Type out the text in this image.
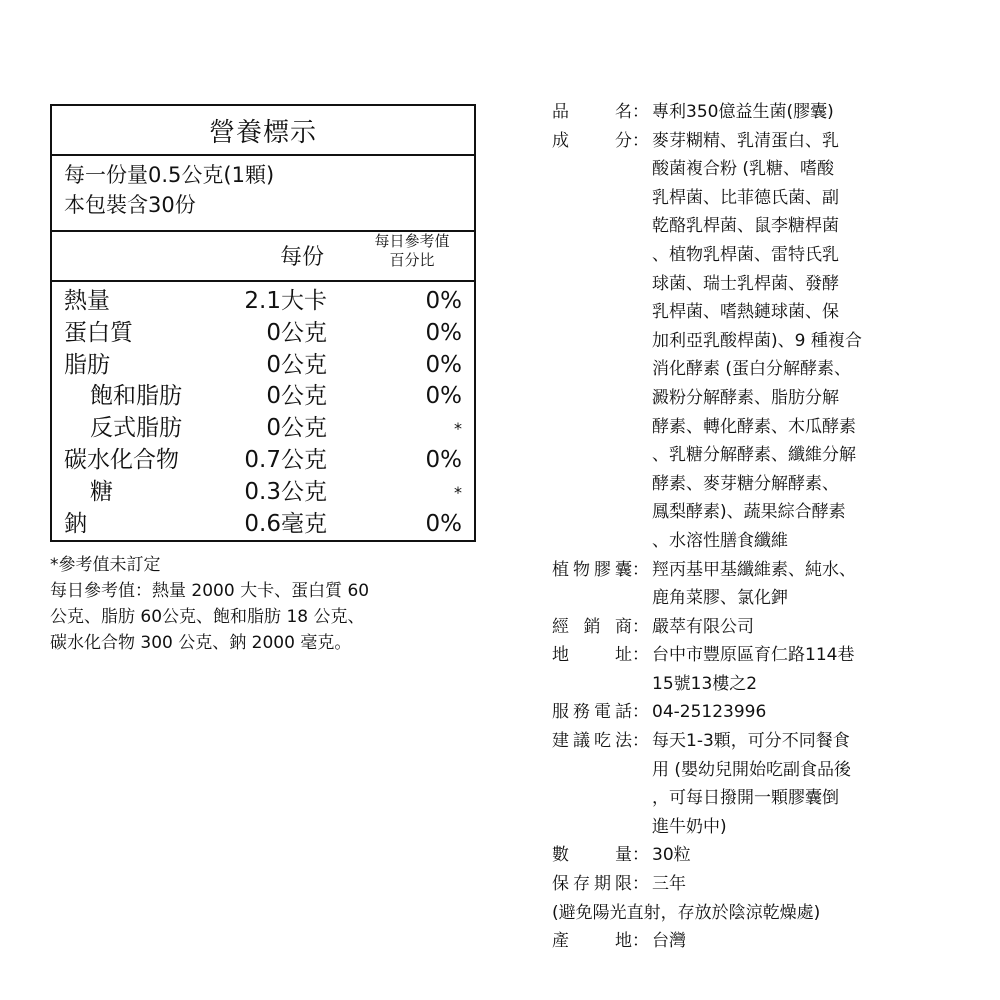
營養標示
每一份量0.5公克(1顆)
本包裝含30份
每份
每日參考值
百分比
熱量	2.1大卡	0%
蛋白質	0公克	0%
脂肪	0公克	0%
飽和脂肪	0公克	0%
反式脂肪	0公克	*
碳水化合物	0.7公克	0%
糖	0.3公克	*
鈉	0.6毫克	0%
*參考值未訂定
每日參考值：熱量 2000 大卡、蛋白質 60
公克、脂肪 60公克、飽和脂肪 18 公克、
碳水化合物 300 公克、鈉 2000 毫克。
品	名 ： 專利350億益生菌(膠囊)
成	分 ： 麥芽糊精、乳清蛋白、乳
酸菌複合粉 (乳糖、嗜酸
乳桿菌、比菲德氏菌、副
乾酪乳桿菌、鼠李糖桿菌
、植物乳桿菌、雷特氏乳
球菌、瑞士乳桿菌、發酵
乳桿菌、嗜熱鏈球菌、保
加利亞乳酸桿菌)、9 種複合
消化酵素 (蛋白分解酵素、
澱粉分解酵素、脂肪分解
酵素、轉化酵素、木瓜酵素
、乳糖分解酵素、纖維分解
酵素、麥芽糖分解酵素、
鳳梨酵素)、蔬果綜合酵素
、水溶性膳食纖維
植 物 膠 囊 ： 羥丙基甲基纖維素、純水、
鹿角菜膠、氯化鉀
經 銷 商 ： 嚴萃有限公司
地	址 ： 台中市豐原區育仁路114巷
15號13樓之2
服 務 電 話 ： 04-25123996
建 議 吃 法 ： 每天1-3顆，可分不同餐食
用 (嬰幼兒開始吃副食品後
，可每日撥開一顆膠囊倒
進牛奶中)
數	量 ： 30粒
保 存 期 限 ： 三年
(避免陽光直射，存放於陰涼乾燥處)
產	地 ： 台灣
